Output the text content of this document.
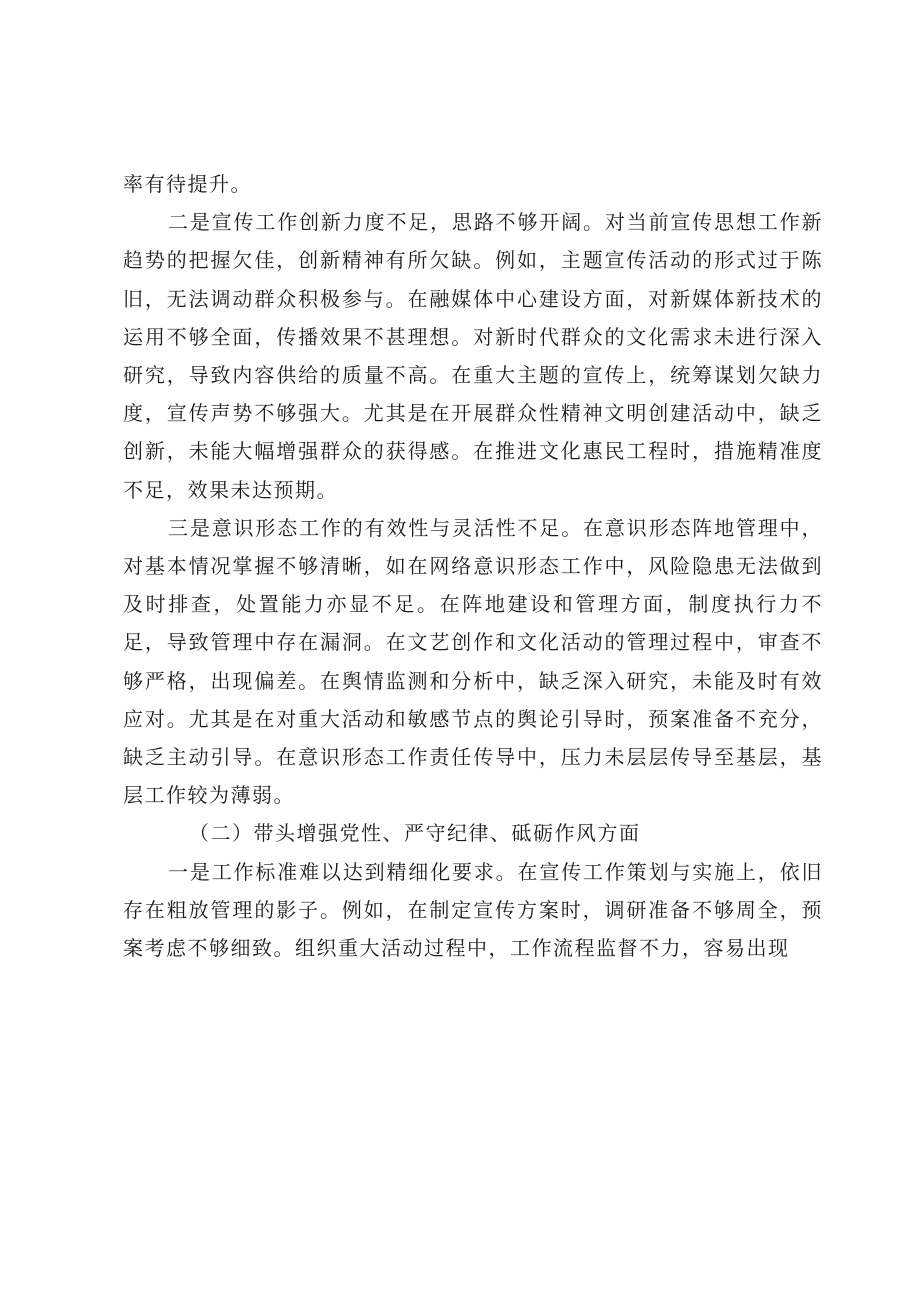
率有待提升。

二是宣传工作创新力度不足，思路不够开阔。对当前宣传思想工作新趋势的把握欠佳，创新精神有所欠缺。例如，主题宣传活动的形式过于陈旧，无法调动群众积极参与。在融媒体中心建设方面，对新媒体新技术的运用不够全面，传播效果不甚理想。对新时代群众的文化需求未进行深入研究，导致内容供给的质量不高。在重大主题的宣传上，统筹谋划欠缺力度，宣传声势不够强大。尤其是在开展群众性精神文明创建活动中，缺乏创新，未能大幅增强群众的获得感。在推进文化惠民工程时，措施精准度不足，效果未达预期。

三是意识形态工作的有效性与灵活性不足。在意识形态阵地管理中，对基本情况掌握不够清晰，如在网络意识形态工作中，风险隐患无法做到及时排查，处置能力亦显不足。在阵地建设和管理方面，制度执行力不足，导致管理中存在漏洞。在文艺创作和文化活动的管理过程中，审查不够严格，出现偏差。在舆情监测和分析中，缺乏深入研究，未能及时有效应对。尤其是在对重大活动和敏感节点的舆论引导时，预案准备不充分，缺乏主动引导。在意识形态工作责任传导中，压力未层层传导至基层，基层工作较为薄弱。

（二）带头增强党性、严守纪律、砥砺作风方面

一是工作标准难以达到精细化要求。在宣传工作策划与实施上，依旧存在粗放管理的影子。例如，在制定宣传方案时，调研准备不够周全，预案考虑不够细致。组织重大活动过程中，工作流程监督不力，容易出现
